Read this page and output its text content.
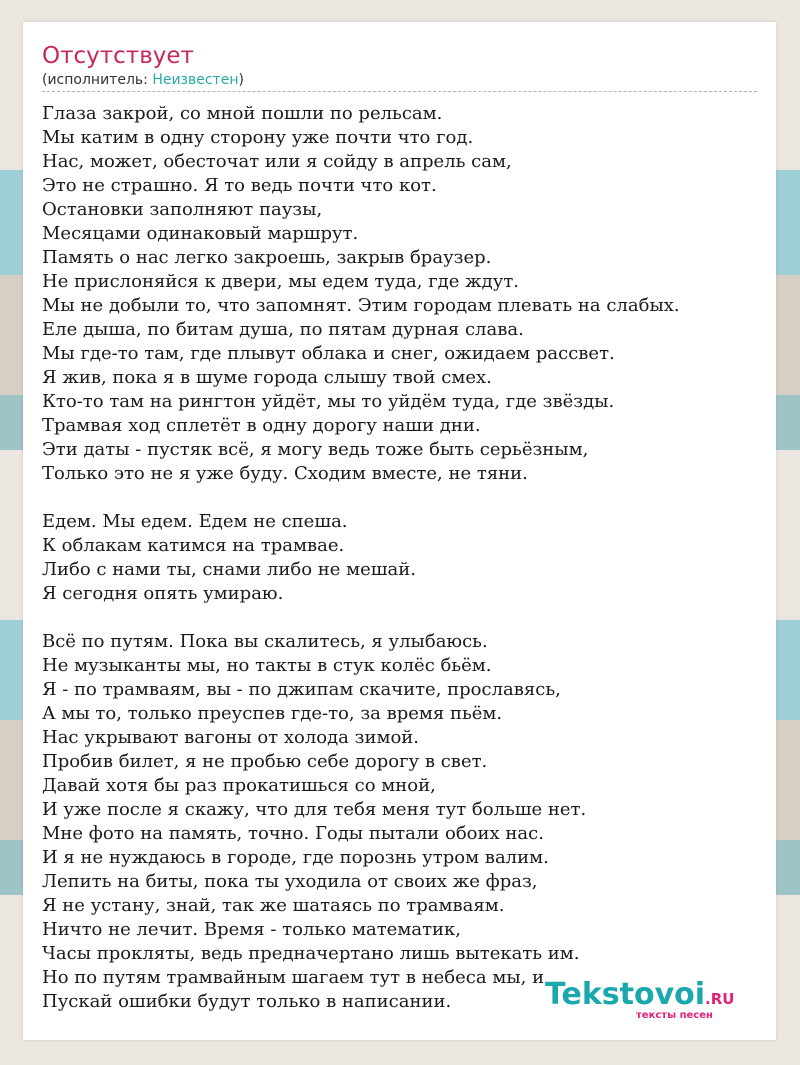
Отсутствует
(исполнитель: Неизвестен)
Глаза закрой, со мной пошли по рельсам.
Мы катим в одну сторону уже почти что год.
Нас, может, обесточат или я сойду в апрель сам,
Это не страшно. Я то ведь почти что кот.
Остановки заполняют паузы,
Месяцами одинаковый маршрут.
Память о нас легко закроешь, закрыв браузер.
Не прислоняйся к двери, мы едем туда, где ждут.
Мы не добыли то, что запомнят. Этим городам плевать на слабых.
Еле дыша, по битам душа, по пятам дурная слава.
Мы где-то там, где плывут облака и снег, ожидаем рассвет.
Я жив, пока я в шуме города слышу твой смех.
Кто-то там на рингтон уйдёт, мы то уйдём туда, где звёзды.
Трамвая ход сплетёт в одну дорогу наши дни.
Эти даты - пустяк всё, я могу ведь тоже быть серьёзным,
Только это не я уже буду. Сходим вместе, не тяни.
Едем. Мы едем. Едем не спеша.
К облакам катимся на трамвае.
Либо с нами ты, снами либо не мешай.
Я сегодня опять умираю.
Всё по путям. Пока вы скалитесь, я улыбаюсь.
Не музыканты мы, но такты в стук колёс бьём.
Я - по трамваям, вы - по джипам скачите, прославясь,
А мы то, только преуспев где-то, за время пьём.
Нас укрывают вагоны от холода зимой.
Пробив билет, я не пробью себе дорогу в свет.
Давай хотя бы раз прокатишься со мной,
И уже после я скажу, что для тебя меня тут больше нет.
Мне фото на память, точно. Годы пытали обоих нас.
И я не нуждаюсь в городе, где порознь утром валим.
Лепить на биты, пока ты уходила от своих же фраз,
Я не устану, знай, так же шатаясь по трамваям.
Ничто не лечит. Время - только математик,
Часы прокляты, ведь предначертано лишь вытекать им.
Но по путям трамвайным шагаем тут в небеса мы, и
Пускай ошибки будут только в написании.	Tekstovoi.RU
тексты песен
